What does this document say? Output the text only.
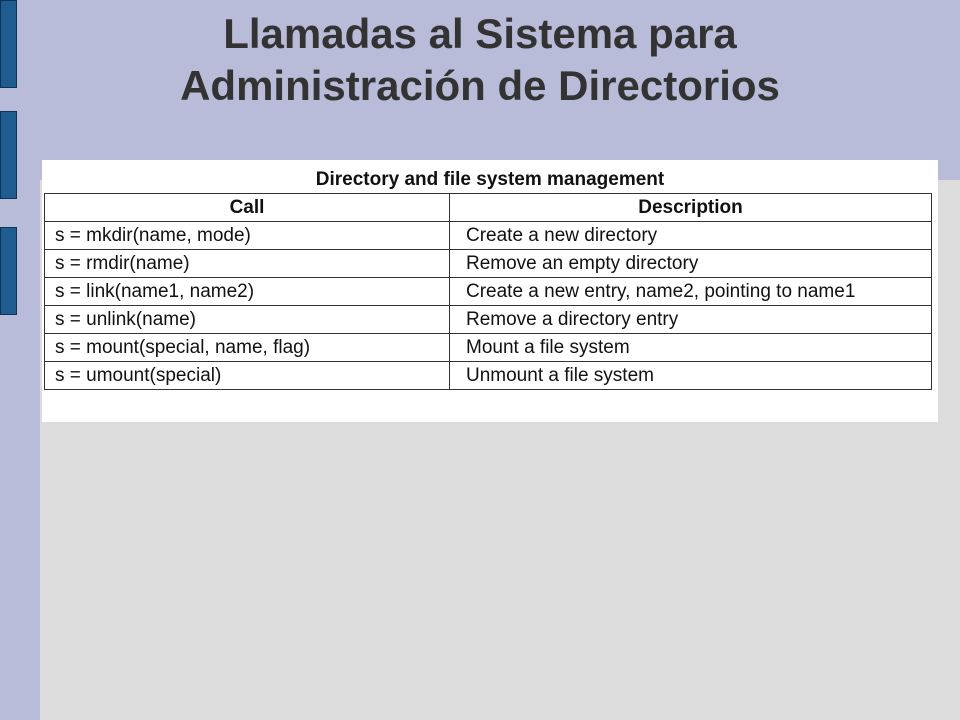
Llamadas al Sistema para
Administración de Directorios
Directory and file system management
Call	Description
s = mkdir(name, mode)	Create a new directory
s = rmdir(name)	Remove an empty directory
s = link(name1, name2)	Create a new entry, name2, pointing to name1
s = unlink(name)	Remove a directory entry
s = mount(special, name, flag)	Mount a file system
s = umount(special)	Unmount a file system
